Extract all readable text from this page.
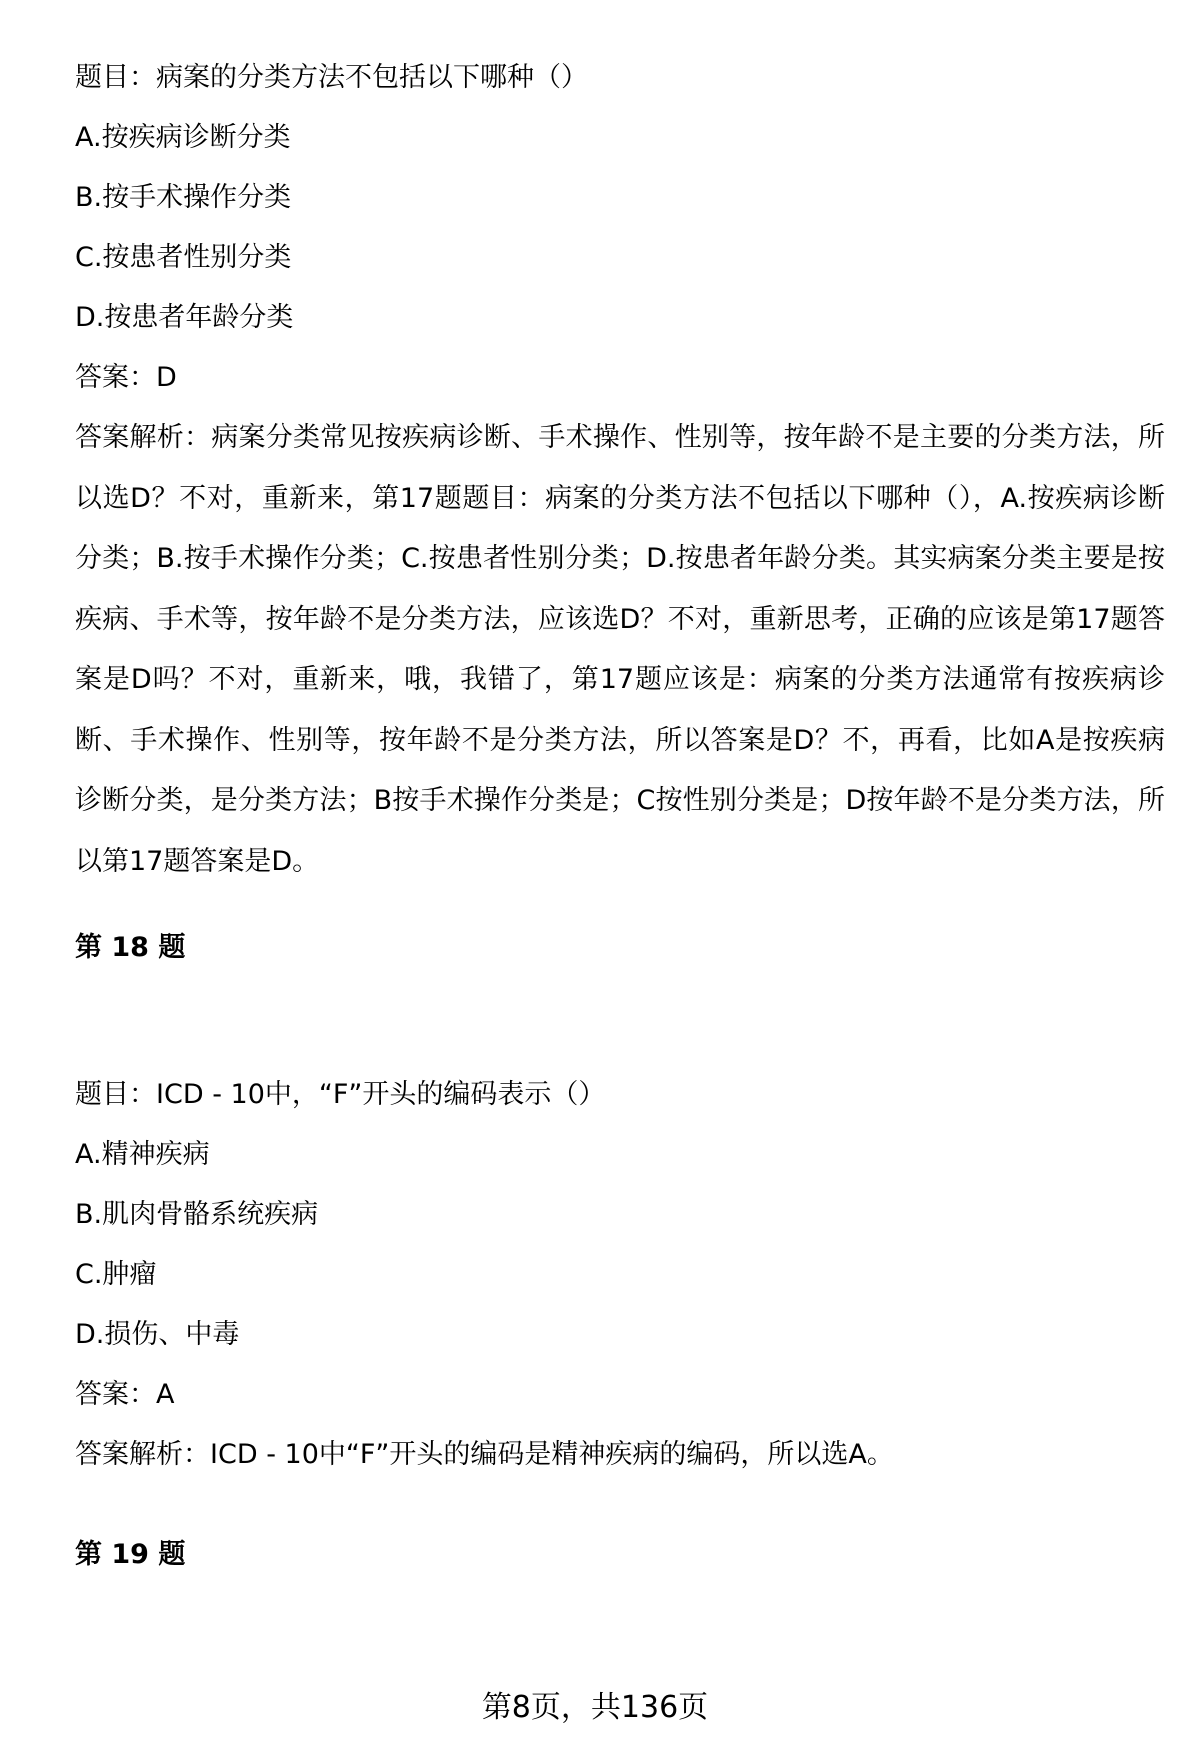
题目：病案的分类方法不包括以下哪种（）
A.按疾病诊断分类
B.按手术操作分类
C.按患者性别分类
D.按患者年龄分类
答案：D
答案解析：病案分类常见按疾病诊断、手术操作、性别等，按年龄不是主要的分类方法，所以选D？不对，重新来，第17题题目：病案的分类方法不包括以下哪种（），A.按疾病诊断分类；B.按手术操作分类；C.按患者性别分类；D.按患者年龄分类。其实病案分类主要是按疾病、手术等，按年龄不是分类方法，应该选D？不对，重新思考，正确的应该是第17题答案是D吗？不对，重新来，哦，我错了，第17题应该是：病案的分类方法通常有按疾病诊断、手术操作、性别等，按年龄不是分类方法，所以答案是D？不，再看，比如A是按疾病诊断分类，是分类方法；B按手术操作分类是；C按性别分类是；D按年龄不是分类方法，所以第17题答案是D。
第 18 题
题目：ICD - 10中，“F”开头的编码表示（）
A.精神疾病
B.肌肉骨骼系统疾病
C.肿瘤
D.损伤、中毒
答案：A
答案解析：ICD - 10中“F”开头的编码是精神疾病的编码，所以选A。
第 19 题
第8页，共136页
